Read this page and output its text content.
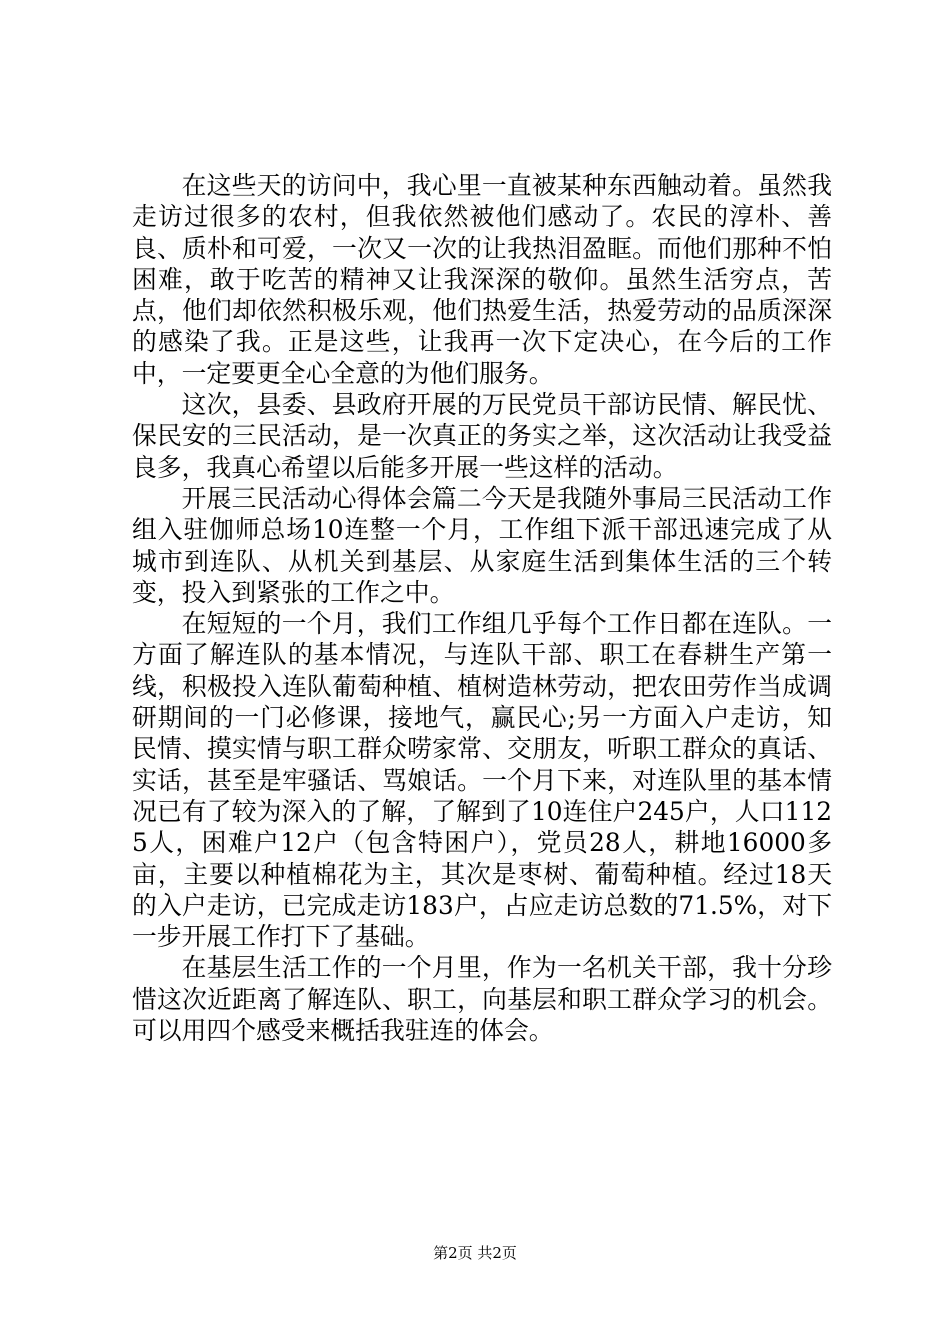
在这些天的访问中，我心里一直被某种东西触动着。虽然我走访过很多的农村，但我依然被他们感动了。农民的淳朴、善良、质朴和可爱，一次又一次的让我热泪盈眶。而他们那种不怕困难，敢于吃苦的精神又让我深深的敬仰。虽然生活穷点，苦点，他们却依然积极乐观，他们热爱生活，热爱劳动的品质深深的感染了我。正是这些，让我再一次下定决心，在今后的工作中，一定要更全心全意的为他们服务。

这次，县委、县政府开展的万民党员干部访民情、解民忧、保民安的三民活动，是一次真正的务实之举，这次活动让我受益良多，我真心希望以后能多开展一些这样的活动。

开展三民活动心得体会篇二今天是我随外事局三民活动工作组入驻伽师总场10连整一个月，工作组下派干部迅速完成了从城市到连队、从机关到基层、从家庭生活到集体生活的三个转变，投入到紧张的工作之中。

在短短的一个月，我们工作组几乎每个工作日都在连队。一方面了解连队的基本情况，与连队干部、职工在春耕生产第一线，积极投入连队葡萄种植、植树造林劳动，把农田劳作当成调研期间的一门必修课，接地气，赢民心;另一方面入户走访，知民情、摸实情与职工群众唠家常、交朋友，听职工群众的真话、实话，甚至是牢骚话、骂娘话。一个月下来，对连队里的基本情况已有了较为深入的了解，了解到了10连住户245户，人口1125人，困难户12户（包含特困户），党员28人，耕地16000多亩，主要以种植棉花为主，其次是枣树、葡萄种植。经过18天的入户走访，已完成走访183户，占应走访总数的71.5%，对下一步开展工作打下了基础。

在基层生活工作的一个月里，作为一名机关干部，我十分珍惜这次近距离了解连队、职工，向基层和职工群众学习的机会。可以用四个感受来概括我驻连的体会。

第2页 共2页
